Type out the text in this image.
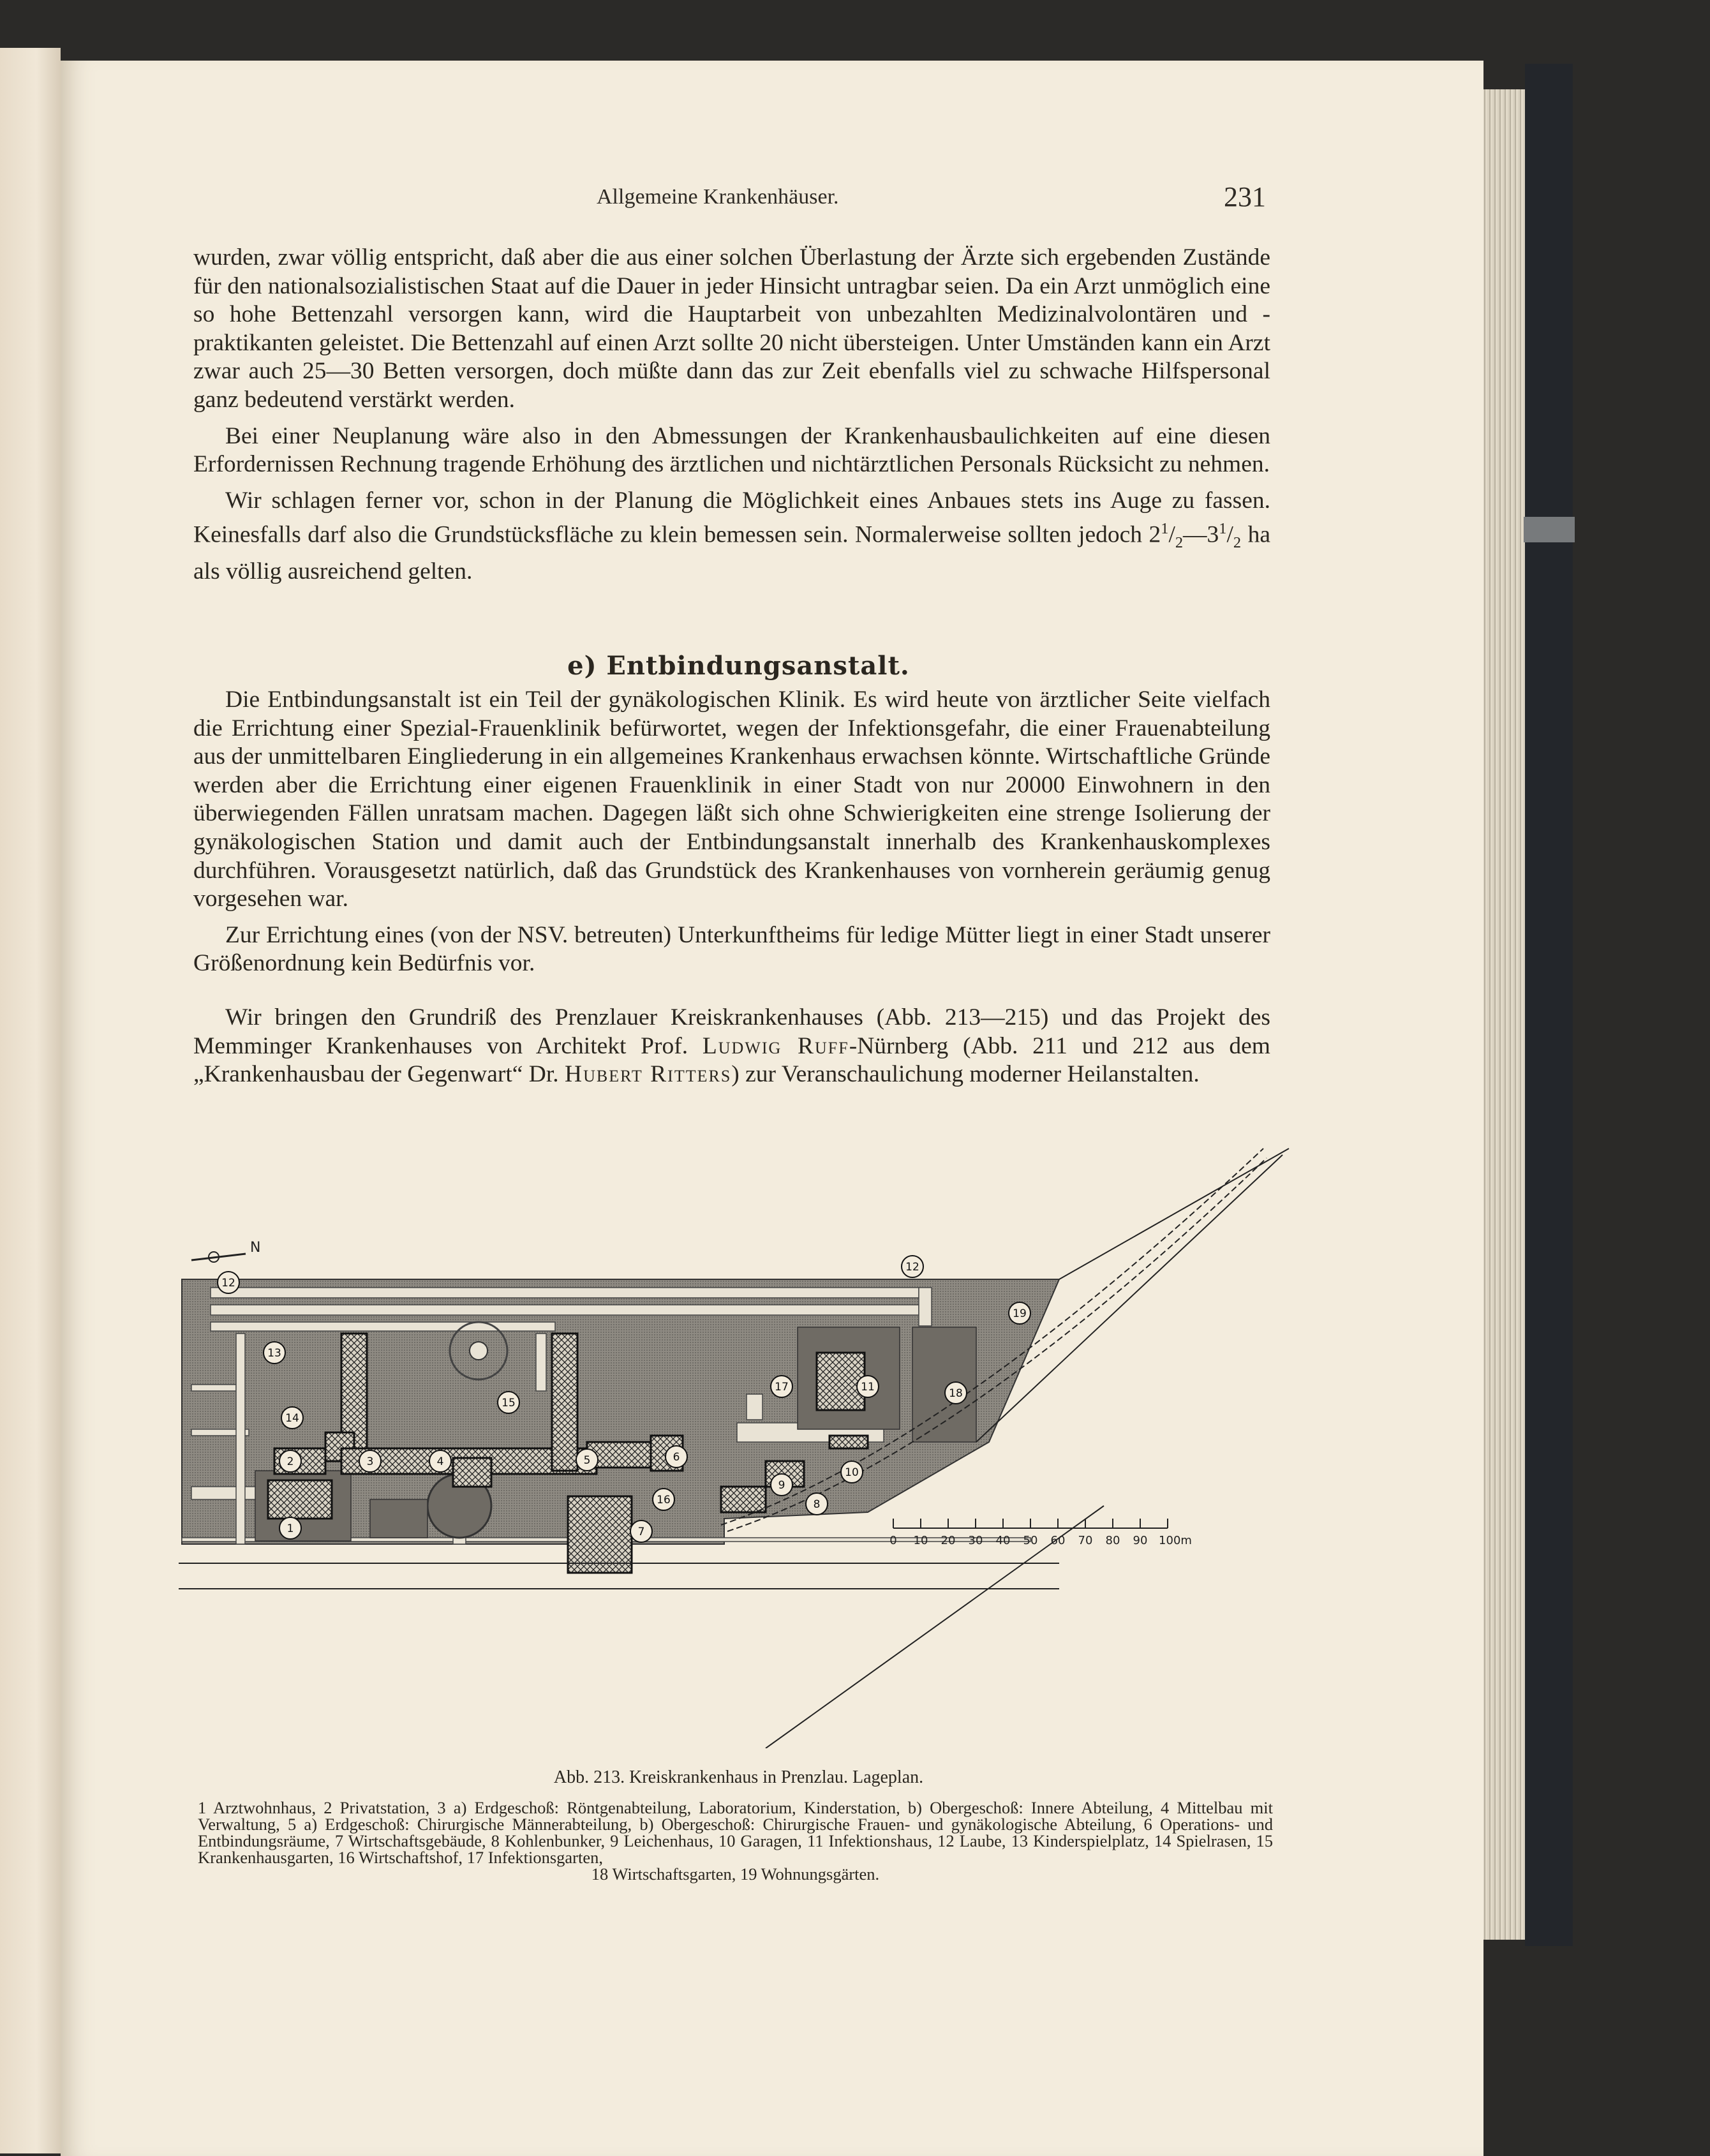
Allgemeine Krankenhäuser.	231

wurden, zwar völlig entspricht, daß aber die aus einer solchen Überlastung der Ärzte sich ergebenden Zustände für den nationalsozialistischen Staat auf die Dauer in jeder Hinsicht untragbar seien. Da ein Arzt unmöglich eine so hohe Bettenzahl versorgen kann, wird die Hauptarbeit von unbezahlten Medizinalvolontären und -praktikanten geleistet. Die Bettenzahl auf einen Arzt sollte 20 nicht übersteigen. Unter Umständen kann ein Arzt zwar auch 25—30 Betten versorgen, doch müßte dann das zur Zeit ebenfalls viel zu schwache Hilfspersonal ganz bedeutend verstärkt werden.

Bei einer Neuplanung wäre also in den Abmessungen der Krankenhausbaulichkeiten auf eine diesen Erfordernissen Rechnung tragende Erhöhung des ärztlichen und nichtärztlichen Personals Rücksicht zu nehmen.

Wir schlagen ferner vor, schon in der Planung die Möglichkeit eines Anbaues stets ins Auge zu fassen. Keinesfalls darf also die Grundstücksfläche zu klein bemessen sein. Normalerweise sollten jedoch $2^1/_2—3^1/_2$ ha als völlig ausreichend gelten.

e) Entbindungsanstalt.

Die Entbindungsanstalt ist ein Teil der gynäkologischen Klinik. Es wird heute von ärztlicher Seite vielfach die Errichtung einer Spezial-Frauenklinik befürwortet, wegen der Infektionsgefahr, die einer Frauenabteilung aus der unmittelbaren Eingliederung in ein allgemeines Krankenhaus erwachsen könnte. Wirtschaftliche Gründe werden aber die Errichtung einer eigenen Frauenklinik in einer Stadt von nur 20000 Einwohnern in den überwiegenden Fällen unratsam machen. Dagegen läßt sich ohne Schwierigkeiten eine strenge Isolierung der gynäkologischen Station und damit auch der Entbindungsanstalt innerhalb des Krankenhauskomplexes durchführen. Vorausgesetzt natürlich, daß das Grundstück des Krankenhauses von vornherein geräumig genug vorgesehen war.

Zur Errichtung eines (von der NSV. betreuten) Unterkunftheims für ledige Mütter liegt in einer Stadt unserer Größenordnung kein Bedürfnis vor.

Wir bringen den Grundriß des Prenzlauer Kreiskrankenhauses (Abb. 213—215) und das Projekt des Memminger Krankenhauses von Architekt Prof. Ludwig Ruff-Nürnberg (Abb. 211 und 212 aus dem „Krankenhausbau der Gegenwart“ Dr. Hubert Ritters) zur Veranschaulichung moderner Heilanstalten.

N
1
2	3	4	5	6
7
8
9
10
11
12
12
13
14
15
16
17	18
19
0 10 20 30 40 50 60 70 80 90 100m
Abb. 213. Kreiskrankenhaus in Prenzlau. Lageplan.
1 Arztwohnhaus, 2 Privatstation, 3 a) Erdgeschoß: Röntgenabteilung, Laboratorium, Kinderstation, b) Obergeschoß: Innere Abteilung, 4 Mittelbau mit Verwaltung, 5 a) Erdgeschoß: Chirurgische Männerabteilung, b) Obergeschoß: Chirurgische Frauen- und gynäkologische Abteilung, 6 Operations- und Entbindungsräume, 7 Wirtschaftsgebäude, 8 Kohlenbunker, 9 Leichenhaus, 10 Garagen, 11 Infektionshaus, 12 Laube, 13 Kinderspielplatz, 14 Spielrasen, 15 Krankenhausgarten, 16 Wirtschaftshof, 17 Infektionsgarten,
18 Wirtschaftsgarten, 19 Wohnungsgärten.
